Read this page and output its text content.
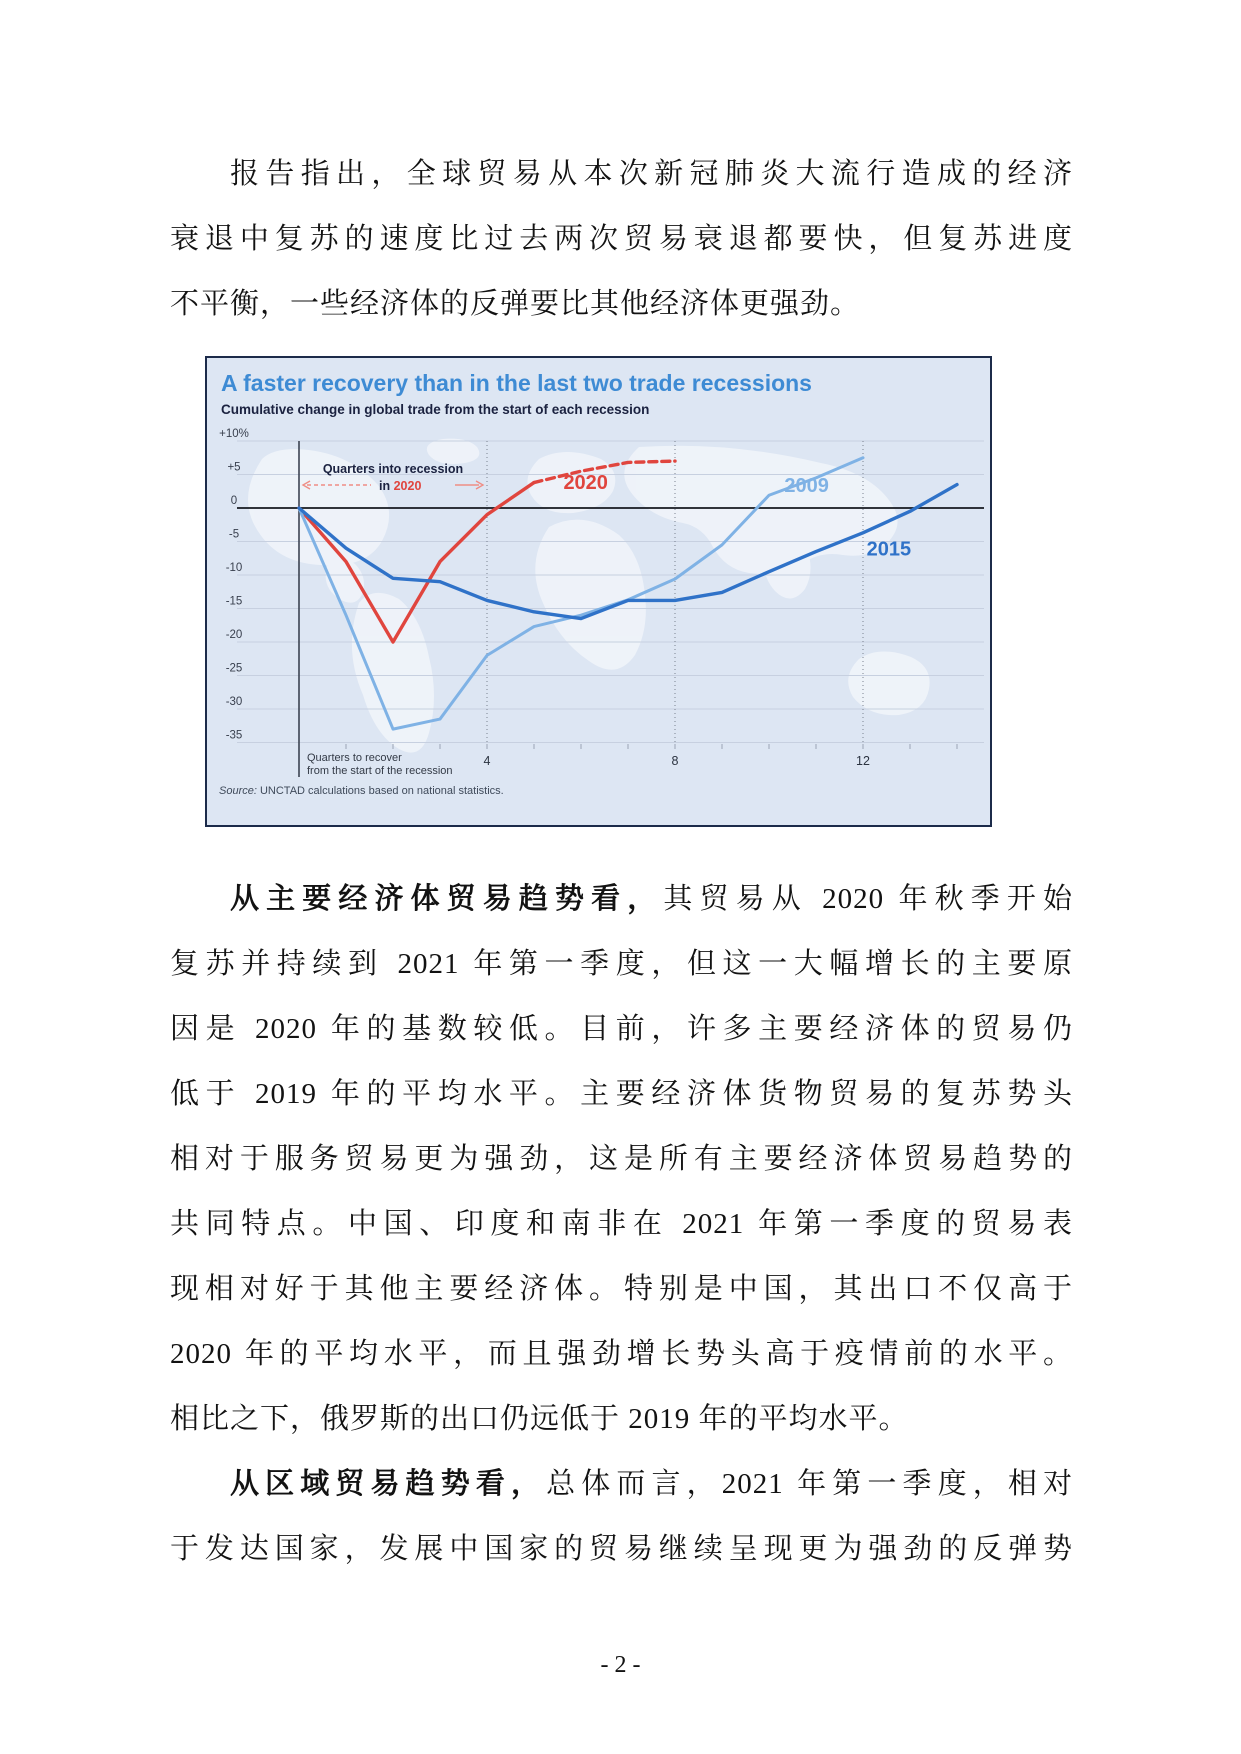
报告指出，全球贸易从本次新冠肺炎大流行造成的经济
衰退中复苏的速度比过去两次贸易衰退都要快，但复苏进度
不平衡，一些经济体的反弹要比其他经济体更强劲。
A faster recovery than in the last two trade recessions
Cumulative change in global trade from the start of each recession
+10%
+5
0
-5
-10
-15
-20
-25
-30
-35
4	8	12
2020	2009
2015
Quarters into recession
in 2020
Quarters to recover
from the start of the recession
Source: UNCTAD calculations based on national statistics.
从主要经济体贸易趋势看，其贸易从 2020 年秋季开始
复苏并持续到 2021 年第一季度，但这一大幅增长的主要原
因是 2020 年的基数较低。目前，许多主要经济体的贸易仍
低于 2019 年的平均水平。主要经济体货物贸易的复苏势头
相对于服务贸易更为强劲，这是所有主要经济体贸易趋势的
共同特点。中国、印度和南非在 2021 年第一季度的贸易表
现相对好于其他主要经济体。特别是中国，其出口不仅高于
2020 年的平均水平，而且强劲增长势头高于疫情前的水平。
相比之下，俄罗斯的出口仍远低于 2019 年的平均水平。
从区域贸易趋势看，总体而言，2021 年第一季度，相对
于发达国家，发展中国家的贸易继续呈现更为强劲的反弹势
- 2 -
